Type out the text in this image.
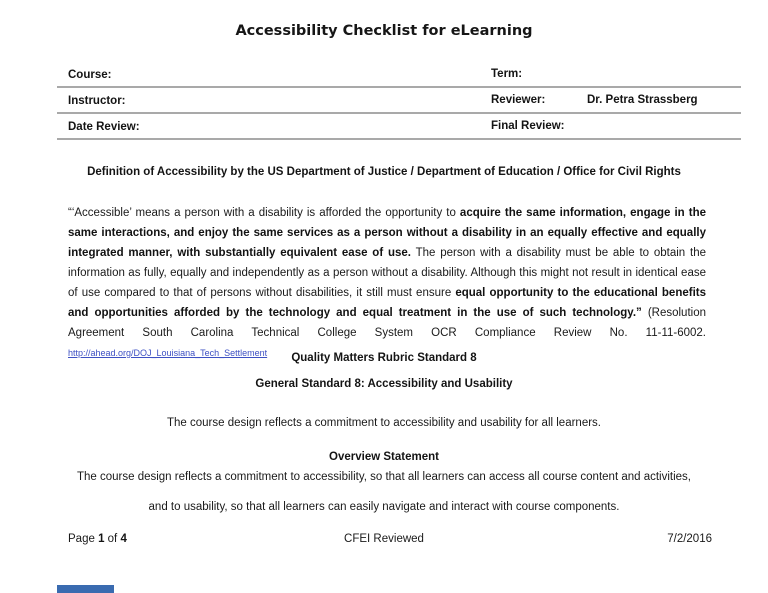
Accessibility Checklist for eLearning
Course:	Term:
Instructor:	Reviewer:	Dr. Petra Strassberg
Date Review:	Final Review:
Definition of Accessibility by the US Department of Justice / Department of Education / Office for Civil Rights
“‘Accessible’ means a person with a disability is afforded the opportunity to acquire the same information, engage in the same interactions, and enjoy the same services as a person without a disability in an equally effective and equally integrated manner, with substantially equivalent ease of use. The person with a disability must be able to obtain the information as fully, equally and independently as a person without a disability. Although this might not result in identical ease of use compared to that of persons without disabilities, it still must ensure equal opportunity to the educational benefits and opportunities afforded by the technology and equal treatment in the use of such technology.” (Resolution Agreement South Carolina Technical College System OCR Compliance Review No. 11-11-6002. http://ahead.org/DOJ_Louisiana_Tech_Settlement	Quality Matters Rubric Standard 8
General Standard 8: Accessibility and Usability
The course design reflects a commitment to accessibility and usability for all learners.
Overview Statement
The course design reflects a commitment to accessibility, so that all learners can access all course content and activities,
and to usability, so that all learners can easily navigate and interact with course components.
Page 1 of 4	CFEI Reviewed	7/2/2016
